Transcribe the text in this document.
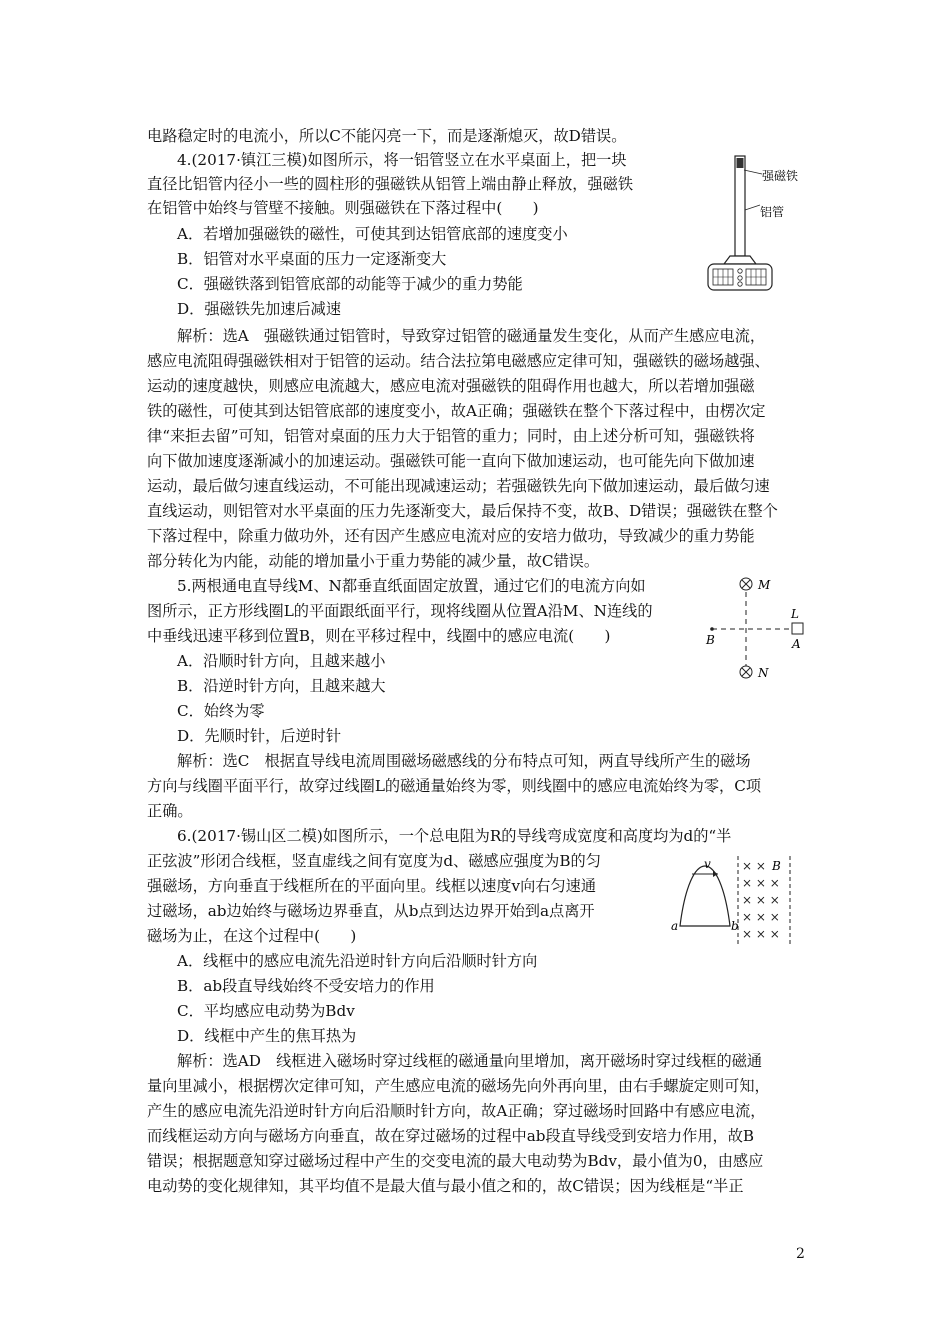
电路稳定时的电流小，所以C不能闪亮一下，而是逐渐熄灭，故D错误。
4.(2017·镇江三模)如图所示，将一铝管竖立在水平桌面上，把一块
直径比铝管内径小一些的圆柱形的强磁铁从铝管上端由静止释放，强磁铁
在铝管中始终与管壁不接触。则强磁铁在下落过程中(　　)
A．若增加强磁铁的磁性，可使其到达铝管底部的速度变小
B．铝管对水平桌面的压力一定逐渐变大
C．强磁铁落到铝管底部的动能等于减少的重力势能
D．强磁铁先加速后减速
解析：选A　强磁铁通过铝管时，导致穿过铝管的磁通量发生变化，从而产生感应电流，
感应电流阻碍强磁铁相对于铝管的运动。结合法拉第电磁感应定律可知，强磁铁的磁场越强、
运动的速度越快，则感应电流越大，感应电流对强磁铁的阻碍作用也越大，所以若增加强磁
铁的磁性，可使其到达铝管底部的速度变小，故A正确；强磁铁在整个下落过程中，由楞次定
律“来拒去留”可知，铝管对桌面的压力大于铝管的重力；同时，由上述分析可知，强磁铁将
向下做加速度逐渐减小的加速运动。强磁铁可能一直向下做加速运动，也可能先向下做加速
运动，最后做匀速直线运动，不可能出现减速运动；若强磁铁先向下做加速运动，最后做匀速
直线运动，则铝管对水平桌面的压力先逐渐变大，最后保持不变，故B、D错误；强磁铁在整个
下落过程中，除重力做功外，还有因产生感应电流对应的安培力做功，导致减少的重力势能
部分转化为内能，动能的增加量小于重力势能的减少量，故C错误。
5.两根通电直导线M、N都垂直纸面固定放置，通过它们的电流方向如
图所示，正方形线圈L的平面跟纸面平行，现将线圈从位置A沿M、N连线的
中垂线迅速平移到位置B，则在平移过程中，线圈中的感应电流(　　)
A．沿顺时针方向，且越来越小
B．沿逆时针方向，且越来越大
C．始终为零
D．先顺时针，后逆时针
解析：选C　根据直导线电流周围磁场磁感线的分布特点可知，两直导线所产生的磁场
方向与线圈平面平行，故穿过线圈L的磁通量始终为零，则线圈中的感应电流始终为零，C项
正确。
6.(2017·锡山区二模)如图所示，一个总电阻为R的导线弯成宽度和高度均为d的“半
正弦波”形闭合线框，竖直虚线之间有宽度为d、磁感应强度为B的匀
强磁场，方向垂直于线框所在的平面向里。线框以速度v向右匀速通
过磁场，ab边始终与磁场边界垂直，从b点到达边界开始到a点离开
磁场为止，在这个过程中(　　)
A．线框中的感应电流先沿逆时针方向后沿顺时针方向
B．ab段直导线始终不受安培力的作用
C．平均感应电动势为Bdv
D．线框中产生的焦耳热为
解析：选AD　线框进入磁场时穿过线框的磁通量向里增加，离开磁场时穿过线框的磁通
量向里减小，根据楞次定律可知，产生感应电流的磁场先向外再向里，由右手螺旋定则可知，
产生的感应电流先沿逆时针方向后沿顺时针方向，故A正确；穿过磁场时回路中有感应电流，
而线框运动方向与磁场方向垂直，故在穿过磁场的过程中ab段直导线受到安培力作用，故B
错误；根据题意知穿过磁场过程中产生的交变电流的最大电动势为Bdv，最小值为0，由感应
电动势的变化规律知，其平均值不是最大值与最小值之和的，故C错误；因为线框是“半正
强磁铁
铝管
M
N
B
L
A
v
a	b
× ×
× × ×
× × ×
× × ×
× × ×
B
2
